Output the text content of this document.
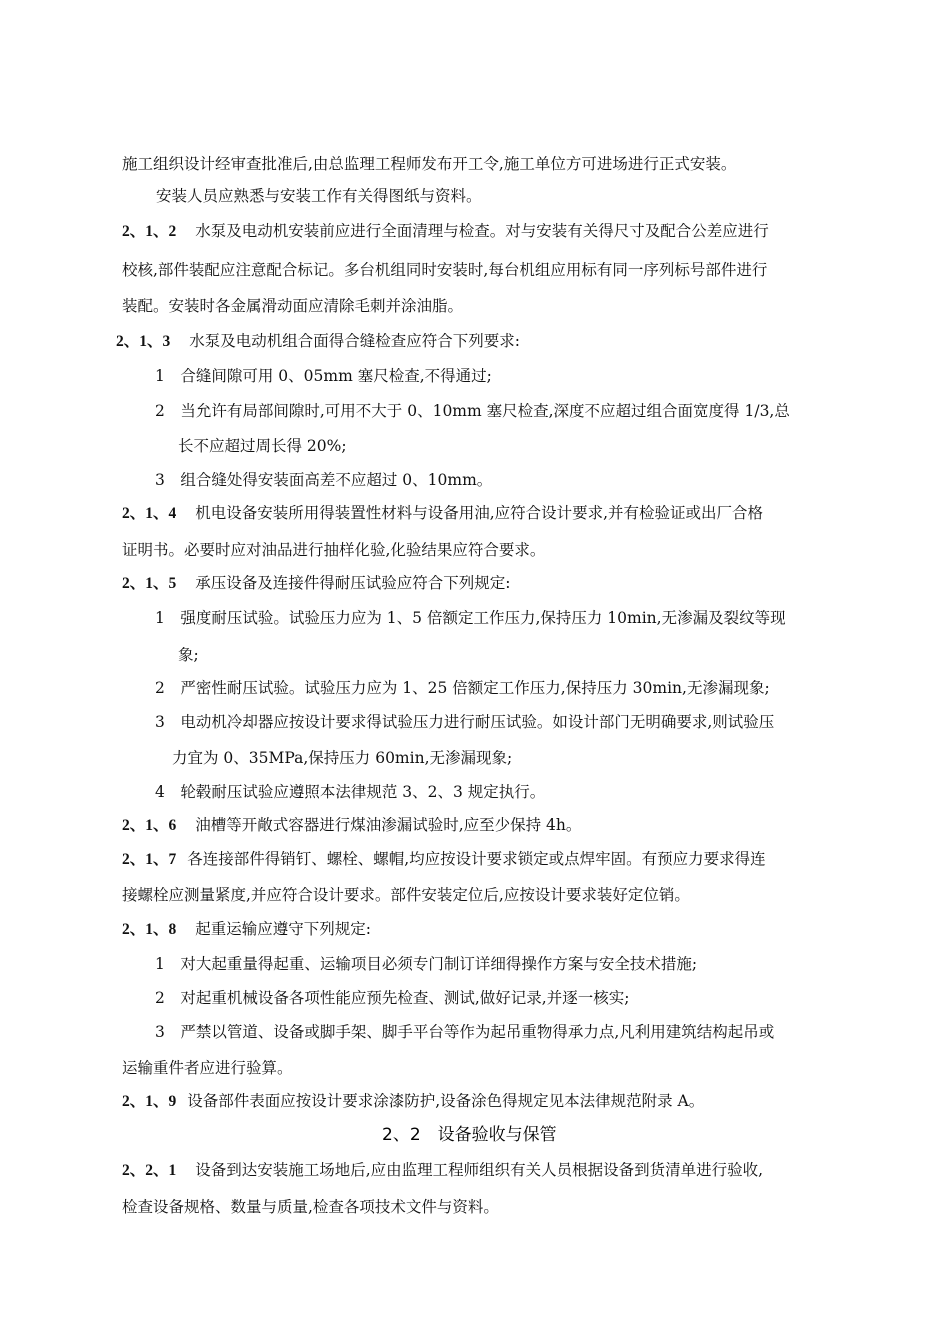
施工组织设计经审查批准后,由总监理工程师发布开工令,施工单位方可进场进行正式安装。
安装人员应熟悉与安装工作有关得图纸与资料。
2、1、2 水泵及电动机安装前应进行全面清理与检查。对与安装有关得尺寸及配合公差应进行
校核,部件装配应注意配合标记。多台机组同时安装时,每台机组应用标有同一序列标号部件进行
装配。安装时各金属滑动面应清除毛刺并涂油脂。
2、1、3 水泵及电动机组合面得合缝检查应符合下列要求:
1　合缝间隙可用 0、05mm 塞尺检查,不得通过;
2　当允许有局部间隙时,可用不大于 0、10mm 塞尺检查,深度不应超过组合面宽度得 1/3,总
长不应超过周长得 20%;
3　组合缝处得安装面高差不应超过 0、10mm。
2、1、4 机电设备安装所用得装置性材料与设备用油,应符合设计要求,并有检验证或出厂合格
证明书。必要时应对油品进行抽样化验,化验结果应符合要求。
2、1、5 承压设备及连接件得耐压试验应符合下列规定:
1　强度耐压试验。试验压力应为 1、5 倍额定工作压力,保持压力 10min,无渗漏及裂纹等现
象;
2　严密性耐压试验。试验压力应为 1、25 倍额定工作压力,保持压力 30min,无渗漏现象;
3　电动机冷却器应按设计要求得试验压力进行耐压试验。如设计部门无明确要求,则试验压
力宜为 0、35MPa,保持压力 60min,无渗漏现象;
4　轮毂耐压试验应遵照本法律规范 3、2、3 规定执行。
2、1、6 油槽等开敞式容器进行煤油渗漏试验时,应至少保持 4h。
2、1、7 各连接部件得销钉、螺栓、螺帽,均应按设计要求锁定或点焊牢固。有预应力要求得连
接螺栓应测量紧度,并应符合设计要求。部件安装定位后,应按设计要求装好定位销。
2、1、8 起重运输应遵守下列规定:
1　对大起重量得起重、运输项目必须专门制订详细得操作方案与安全技术措施;
2　对起重机械设备各项性能应预先检查、测试,做好记录,并逐一核实;
3　严禁以管道、设备或脚手架、脚手平台等作为起吊重物得承力点,凡利用建筑结构起吊或
运输重件者应进行验算。
2、1、9 设备部件表面应按设计要求涂漆防护,设备涂色得规定见本法律规范附录 A。
2、2　设备验收与保管
2、2、1 设备到达安装施工场地后,应由监理工程师组织有关人员根据设备到货清单进行验收,
检查设备规格、数量与质量,检查各项技术文件与资料。
